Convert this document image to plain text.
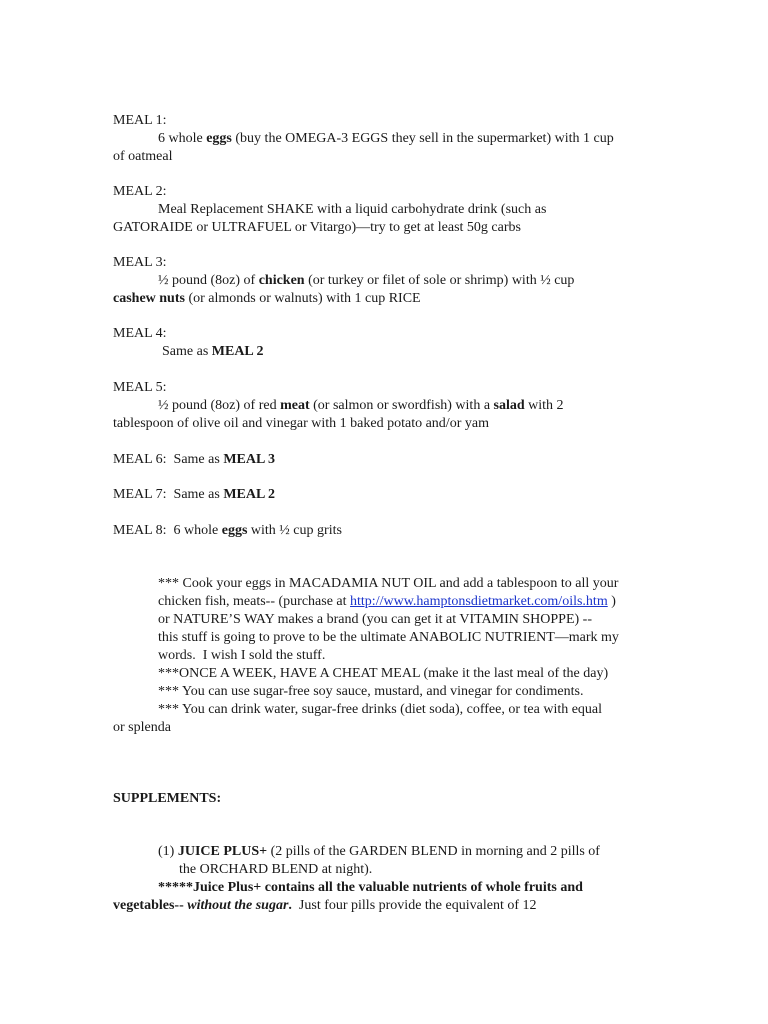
MEAL 1:
6 whole eggs (buy the OMEGA-3 EGGS they sell in the supermarket) with 1 cup
of oatmeal
MEAL 2:
Meal Replacement SHAKE with a liquid carbohydrate drink (such as
GATORAIDE or ULTRAFUEL or Vitargo)—try to get at least 50g carbs
MEAL 3:
½ pound (8oz) of chicken (or turkey or filet of sole or shrimp) with ½ cup
cashew nuts (or almonds or walnuts) with 1 cup RICE
MEAL 4:
Same as MEAL 2
MEAL 5:
½ pound (8oz) of red meat (or salmon or swordfish) with a salad with 2
tablespoon of olive oil and vinegar with 1 baked potato and/or yam
MEAL 6:  Same as MEAL 3
MEAL 7:  Same as MEAL 2
MEAL 8:  6 whole eggs with ½ cup grits
*** Cook your eggs in MACADAMIA NUT OIL and add a tablespoon to all your
chicken fish, meats-- (purchase at http://www.hamptonsdietmarket.com/oils.htm )
or NATURE’S WAY makes a brand (you can get it at VITAMIN SHOPPE) --
this stuff is going to prove to be the ultimate ANABOLIC NUTRIENT—mark my
words.  I wish I sold the stuff.
***ONCE A WEEK, HAVE A CHEAT MEAL (make it the last meal of the day)
*** You can use sugar-free soy sauce, mustard, and vinegar for condiments.
*** You can drink water, sugar-free drinks (diet soda), coffee, or tea with equal
or splenda
SUPPLEMENTS:
(1) JUICE PLUS+ (2 pills of the GARDEN BLEND in morning and 2 pills of
the ORCHARD BLEND at night).
*****Juice Plus+ contains all the valuable nutrients of whole fruits and
vegetables-- without the sugar.  Just four pills provide the equivalent of 12
